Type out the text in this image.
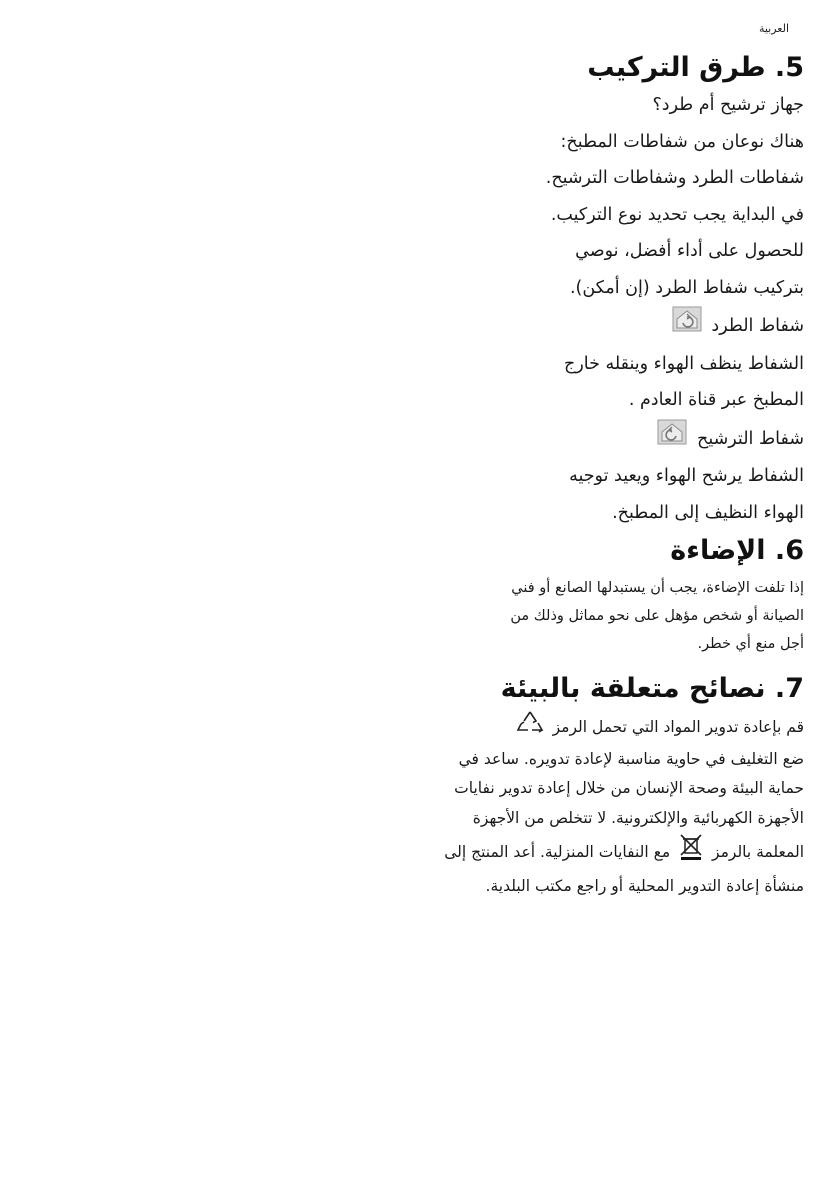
العربية
5. طرق التركيب
جهاز ترشيح أم طرد؟
هناك نوعان من شفاطات المطبخ:
شفاطات الطرد وشفاطات الترشيح.
في البداية يجب تحديد نوع التركيب.
للحصول على أداء أفضل، نوصي
بتركيب شفاط الطرد (إن أمكن).
شفاط الطرد
الشفاط ينظف الهواء وينقله خارج
المطبخ عبر قناة العادم .
شفاط الترشيح
الشفاط يرشح الهواء ويعيد توجيه
الهواء النظيف إلى المطبخ.
6. الإضاءة
إذا تلفت الإضاءة، يجب أن يستبدلها الصانع أو فني
الصيانة أو شخص مؤهل على نحو مماثل وذلك من
أجل منع أي خطر.
7. نصائح متعلقة بالبيئة
قم بإعادة تدوير المواد التي تحمل الرمز
ضع التغليف في حاوية مناسبة لإعادة تدويره. ساعد في
حماية البيئة وصحة الإنسان من خلال إعادة تدوير نفايات
الأجهزة الكهربائية والإلكترونية. لا تتخلص من الأجهزة
المعلمة بالرمز  مع النفايات المنزلية. أعد المنتج إلى
منشأة إعادة التدوير المحلية أو راجع مكتب البلدية.
